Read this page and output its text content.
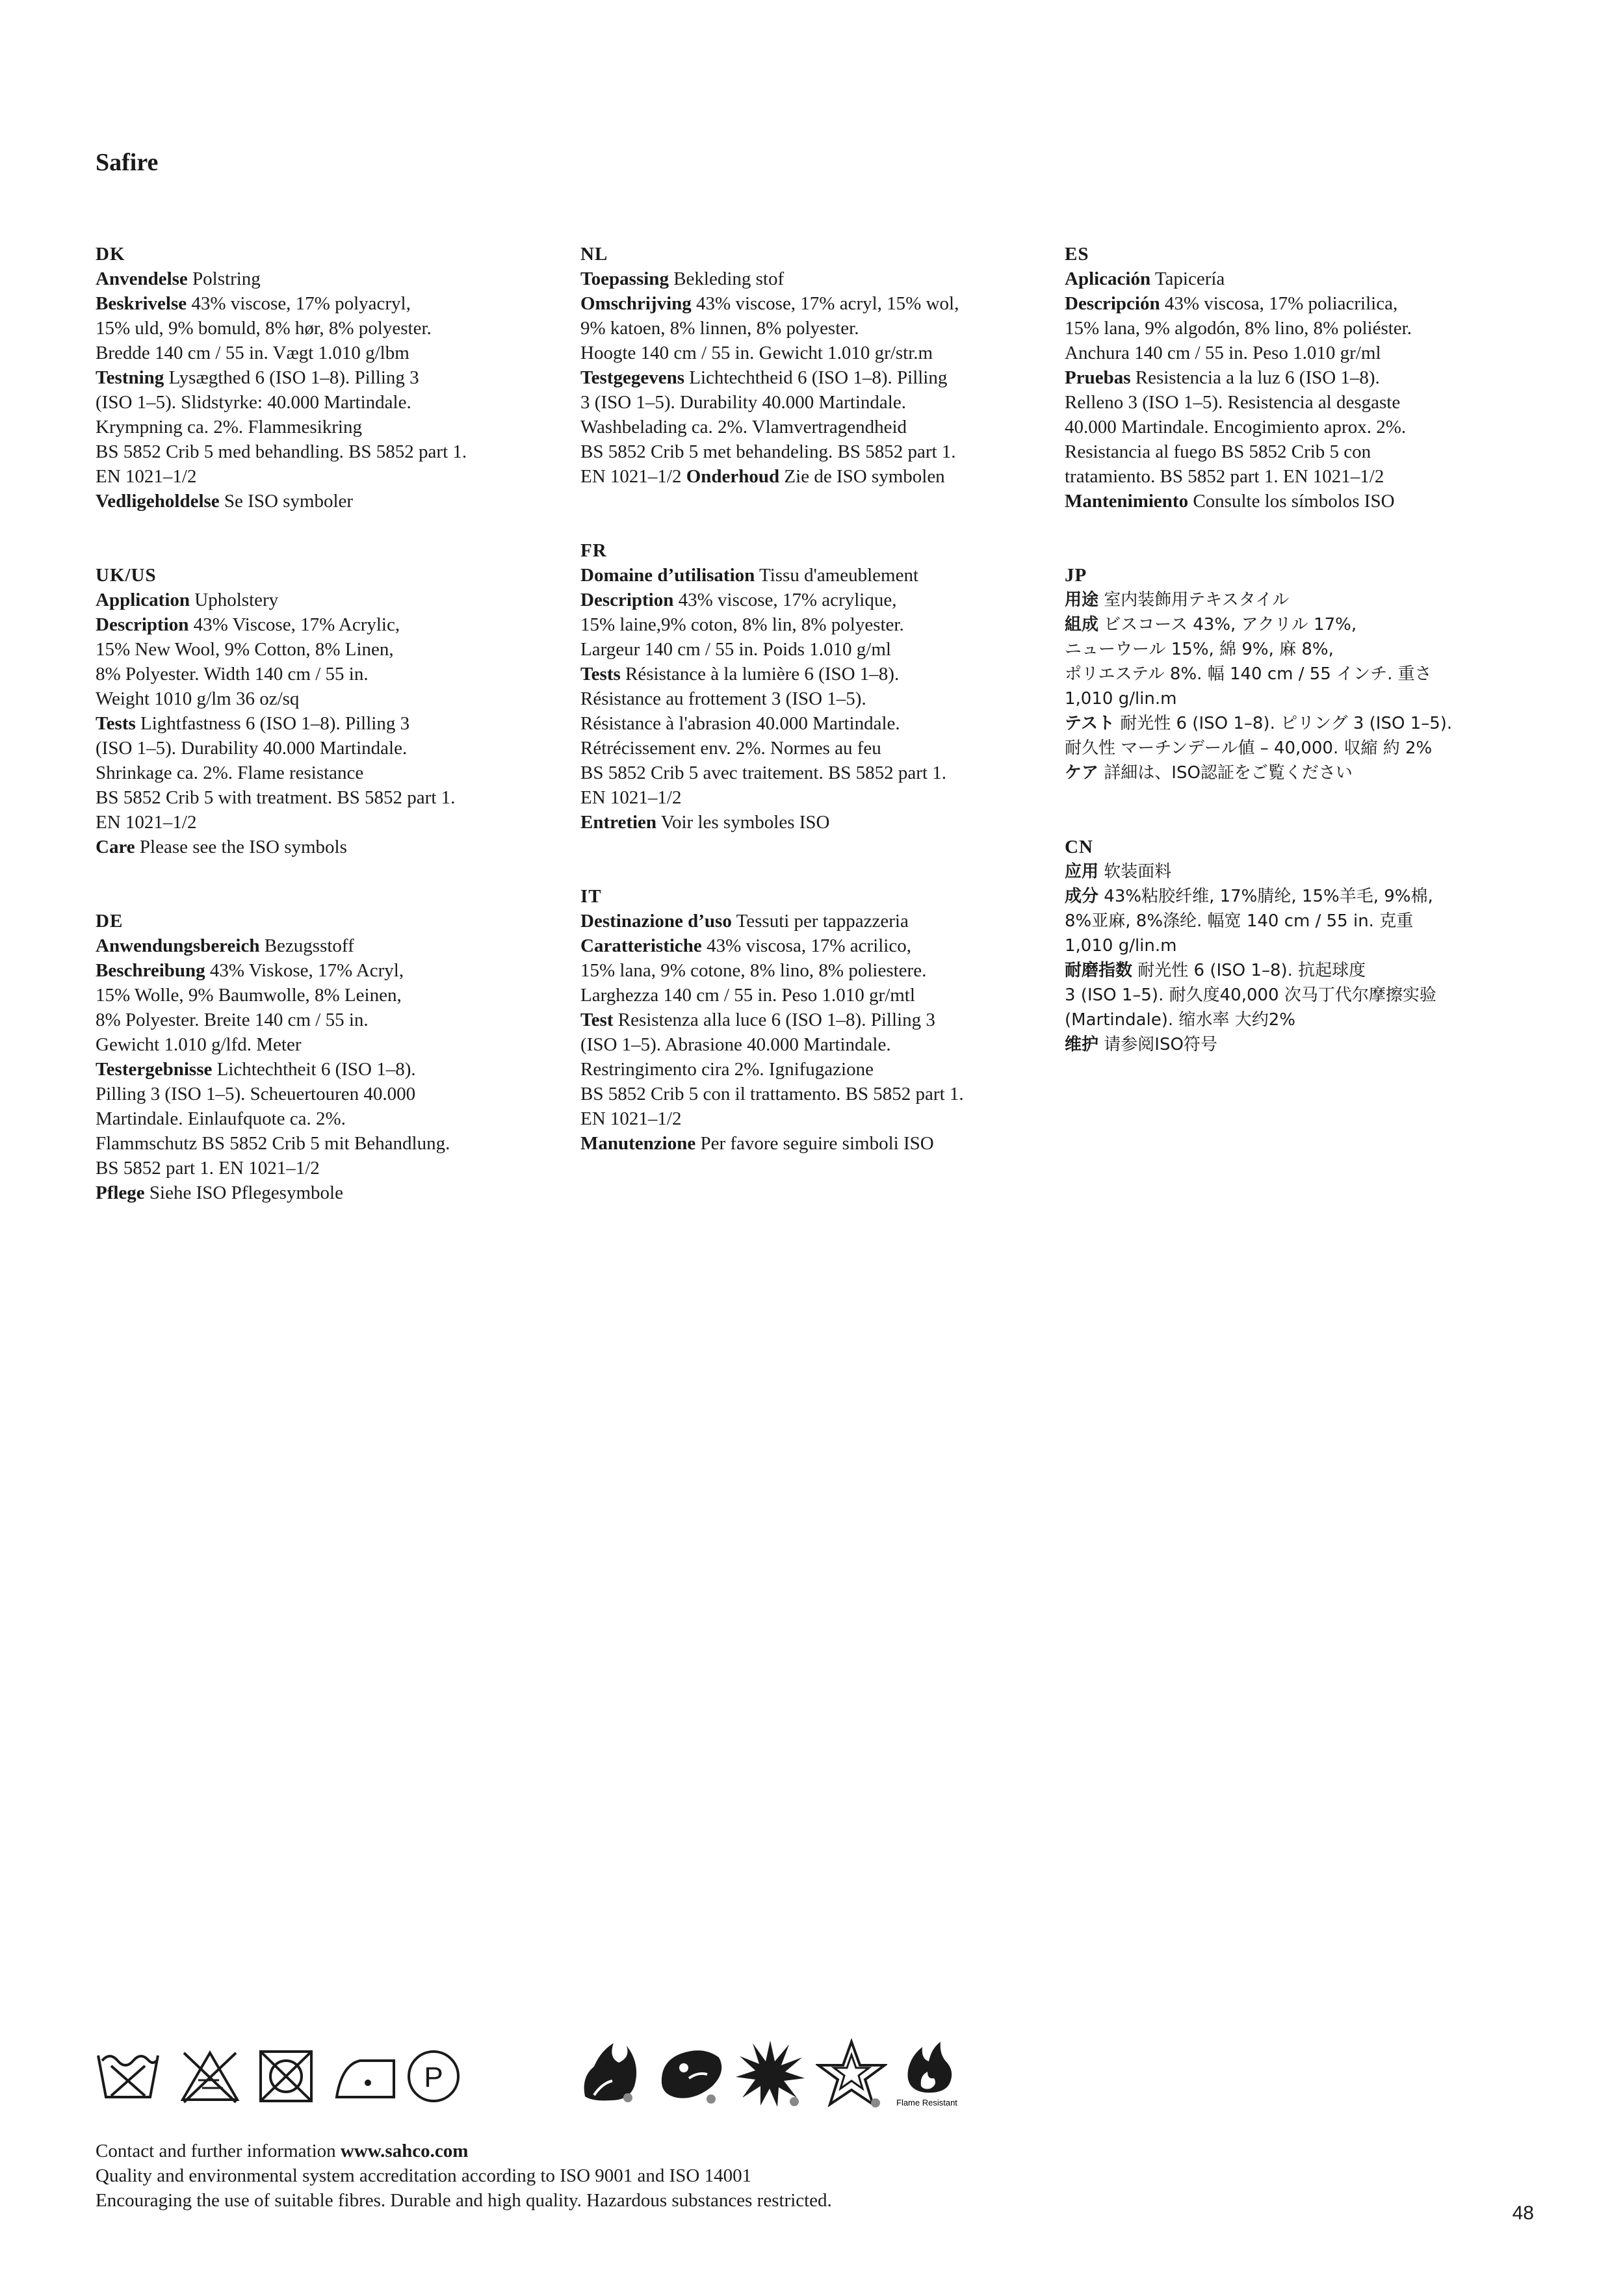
Safire

DK

Anvendelse Polstring

Beskrivelse 43% viscose, 17% polyacryl,

15% uld, 9% bomuld, 8% hør, 8% polyester.

Bredde 140 cm / 55 in. Vægt 1.010 g/lbm

Testning Lysægthed 6 (ISO 1–8). Pilling 3

(ISO 1–5). Slidstyrke: 40.000 Martindale.

Krympning ca. 2%. Flammesikring

BS 5852 Crib 5 med behandling. BS 5852 part 1.

EN 1021–1/2

Vedligeholdelse Se ISO symboler

UK/US

Application Upholstery

Description 43% Viscose, 17% Acrylic,

15% New Wool, 9% Cotton, 8% Linen,

8% Polyester. Width 140 cm / 55 in.

Weight 1010 g/lm 36 oz/sq

Tests Lightfastness 6 (ISO 1–8). Pilling 3

(ISO 1–5). Durability 40.000 Martindale.

Shrinkage ca. 2%. Flame resistance

BS 5852 Crib 5 with treatment. BS 5852 part 1.

EN 1021–1/2

Care Please see the ISO symbols

DE

Anwendungsbereich Bezugsstoff

Beschreibung 43% Viskose, 17% Acryl,

15% Wolle, 9% Baumwolle, 8% Leinen,

8% Polyester. Breite 140 cm / 55 in.

Gewicht 1.010 g/lfd. Meter

Testergebnisse Lichtechtheit 6 (ISO 1–8).

Pilling 3 (ISO 1–5). Scheuertouren 40.000

Martindale. Einlaufquote ca. 2%.

Flammschutz BS 5852 Crib 5 mit Behandlung.

BS 5852 part 1. EN 1021–1/2

Pflege Siehe ISO Pflegesymbole

NL

Toepassing Bekleding stof

Omschrijving 43% viscose, 17% acryl, 15% wol,

9% katoen, 8% linnen, 8% polyester.

Hoogte 140 cm / 55 in. Gewicht 1.010 gr/str.m

Testgegevens Lichtechtheid 6 (ISO 1–8). Pilling

3 (ISO 1–5). Durability 40.000 Martindale.

Washbelading ca. 2%. Vlamvertragendheid

BS 5852 Crib 5 met behandeling. BS 5852 part 1.

EN 1021–1/2 Onderhoud Zie de ISO symbolen

FR

Domaine d’utilisation Tissu d'ameublement

Description 43% viscose, 17% acrylique,

15% laine,9% coton, 8% lin, 8% polyester.

Largeur 140 cm / 55 in. Poids 1.010 g/ml

Tests Résistance à la lumière 6 (ISO 1–8).

Résistance au frottement 3 (ISO 1–5).

Résistance à l'abrasion 40.000 Martindale.

Rétrécissement env. 2%. Normes au feu

BS 5852 Crib 5 avec traitement. BS 5852 part 1.

EN 1021–1/2

Entretien Voir les symboles ISO

IT

Destinazione d’uso Tessuti per tappazzeria

Caratteristiche 43% viscosa, 17% acrilico,

15% lana, 9% cotone, 8% lino, 8% poliestere.

Larghezza 140 cm / 55 in. Peso 1.010 gr/mtl

Test Resistenza alla luce 6 (ISO 1–8). Pilling 3

(ISO 1–5). Abrasione 40.000 Martindale.

Restringimento cira 2%. Ignifugazione

BS 5852 Crib 5 con il trattamento. BS 5852 part 1.

EN 1021–1/2

Manutenzione Per favore seguire simboli ISO

ES

Aplicación Tapicería

Descripción 43% viscosa, 17% poliacrilica,

15% lana, 9% algodón, 8% lino, 8% poliéster.

Anchura 140 cm / 55 in. Peso 1.010 gr/ml

Pruebas Resistencia a la luz 6 (ISO 1–8).

Relleno 3 (ISO 1–5). Resistencia al desgaste

40.000 Martindale. Encogimiento aprox. 2%.

Resistancia al fuego BS 5852 Crib 5 con

tratamiento. BS 5852 part 1. EN 1021–1/2

Mantenimiento Consulte los símbolos ISO

JP

用途 室内装飾用テキスタイル

組成 ビスコース 43%, アクリル 17%,

ニューウール 15%, 綿 9%, 麻 8%,

ポリエステル 8%. 幅 140 cm / 55 インチ. 重さ

1,010 g/lin.m

テスト 耐光性 6 (ISO 1–8). ピリング 3 (ISO 1–5).

耐久性 マーチンデール値 – 40,000. 収縮 約 2%

ケア 詳細は、ISO認証をご覧ください

CN

应用 软装面料

成分 43%粘胶纤维, 17%腈纶, 15%羊毛, 9%棉,

8%亚麻, 8%涤纶. 幅宽 140 cm / 55 in. 克重

1,010 g/lin.m

耐磨指数 耐光性 6 (ISO 1–8). 抗起球度

3 (ISO 1–5). 耐久度40,000 次马丁代尔摩擦实验

(Martindale). 缩水率 大约2%

维护 请参阅ISO符号

P
Flame Resistant

Contact and further information www.sahco.com

Quality and environmental system accreditation according to ISO 9001 and ISO 14001

Encouraging the use of suitable fibres. Durable and high quality. Hazardous substances restricted.

48
